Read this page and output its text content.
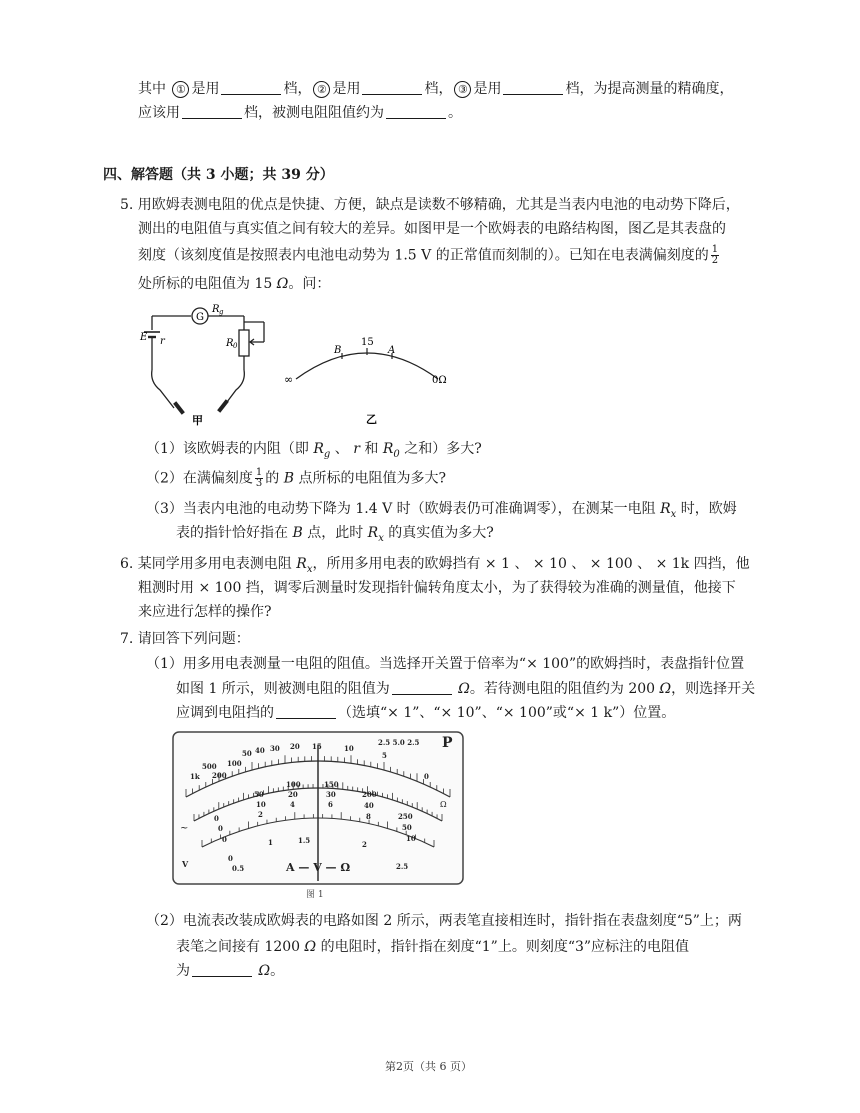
其中 ① 是用	档， ② 是用	档， ③ 是用	档，为提高测量的精确度，
应该用	档，被测电阻阻值约为	。
四、解答题（共 3 小题；共 39 分）
5. 用欧姆表测电阻的优点是快捷、方便，缺点是读数不够精确，尤其是当表内电池的电动势下降后，
测出的电阻值与真实值之间有较大的差异。如图甲是一个欧姆表的电路结构图，图乙是其表盘的
刻度（该刻度值是按照表内电池电动势为 1.5 V 的正常值而刻制的）。已知在电表满偏刻度的 $\frac{1}{2}$
处所标的电阻值为 15 Ω。问：
G
R g
E r	R 0
甲
B
15
A
∞	0Ω
乙
（1）该欧姆表的内阻（即 $R_g$ 、 r 和 $R_0$ 之和）多大?
（2）在满偏刻度 $\frac{1}{3}$ 的 B 点所标的电阻值为多大?
（3）当表内电池的电动势下降为 1.4 V 时（欧姆表仍可准确调零），在测某一电阻 $R_x$ 时，欧姆
表的指针恰好指在 B 点，此时 $R_x$ 的真实值为多大?
6. 某同学用多用电表测电阻 $R_x$，所用多用电表的欧姆挡有 × 1 、 × 10 、 × 100 、 × 1k 四挡，他
粗测时用 × 100 挡，调零后测量时发现指针偏转角度太小，为了获得较为准确的测量值，他接下
来应进行怎样的操作?
7. 请回答下列问题：
（1）用多用电表测量一电阻的阻值。当选择开关置于倍率为“× 100”的欧姆挡时，表盘指针位置
如图 1 所示，则被测电阻的阻值为	Ω。若待测电阻的阻值约为 200 Ω，则选择开关
应调到电阻挡的	（选填“× 1”、“× 10”、“× 100”或“× 1 k”）位置。
1k
500
200
100
50 40 30 20 15	10
5
0
2.5 5.0 2.5 P
0
50
100	150
200
250
0
10
20	30
40
50
0
2
4	6
8
10
0
0.5
1	1.5	2
2.5
A — V — Ω
Ω
~
V
图 1
（2）电流表改装成欧姆表的电路如图 2 所示，两表笔直接相连时，指针指在表盘刻度“5”上；两
表笔之间接有 1200 Ω 的电阻时，指针指在刻度“1”上。则刻度“3”应标注的电阻值
为	Ω。
第2页（共 6 页）
